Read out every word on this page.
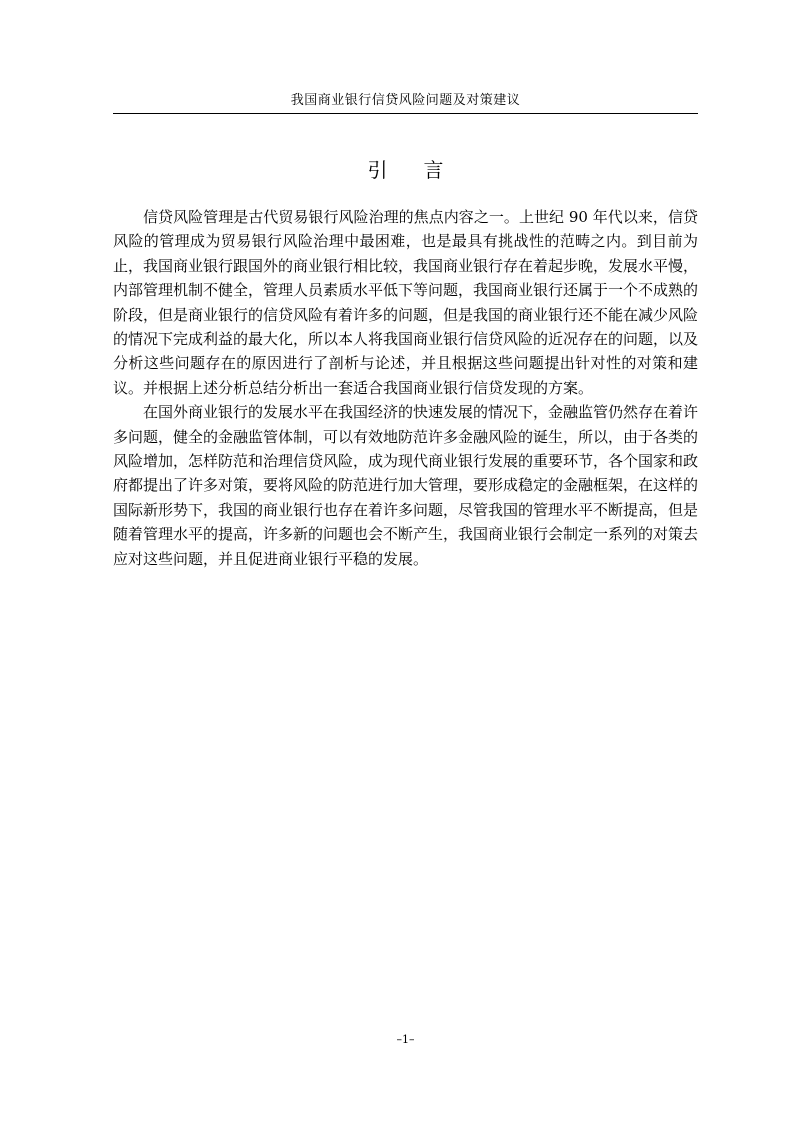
我国商业银行信贷风险问题及对策建议
引言

信贷风险管理是古代贸易银行风险治理的焦点内容之一。上世纪 90 年代以来，信贷风险的管理成为贸易银行风险治理中最困难，也是最具有挑战性的范畴之内。到目前为止，我国商业银行跟国外的商业银行相比较，我国商业银行存在着起步晚，发展水平慢，内部管理机制不健全，管理人员素质水平低下等问题，我国商业银行还属于一个不成熟的阶段，但是商业银行的信贷风险有着许多的问题，但是我国的商业银行还不能在减少风险的情况下完成利益的最大化，所以本人将我国商业银行信贷风险的近况存在的问题，以及分析这些问题存在的原因进行了剖析与论述，并且根据这些问题提出针对性的对策和建议。并根据上述分析总结分析出一套适合我国商业银行信贷发现的方案。

在国外商业银行的发展水平在我国经济的快速发展的情况下，金融监管仍然存在着许多问题，健全的金融监管体制，可以有效地防范许多金融风险的诞生，所以，由于各类的风险增加，怎样防范和治理信贷风险，成为现代商业银行发展的重要环节，各个国家和政府都提出了许多对策，要将风险的防范进行加大管理，要形成稳定的金融框架，在这样的国际新形势下，我国的商业银行也存在着许多问题，尽管我国的管理水平不断提高，但是随着管理水平的提高，许多新的问题也会不断产生，我国商业银行会制定一系列的对策去应对这些问题，并且促进商业银行平稳的发展。

–1–
